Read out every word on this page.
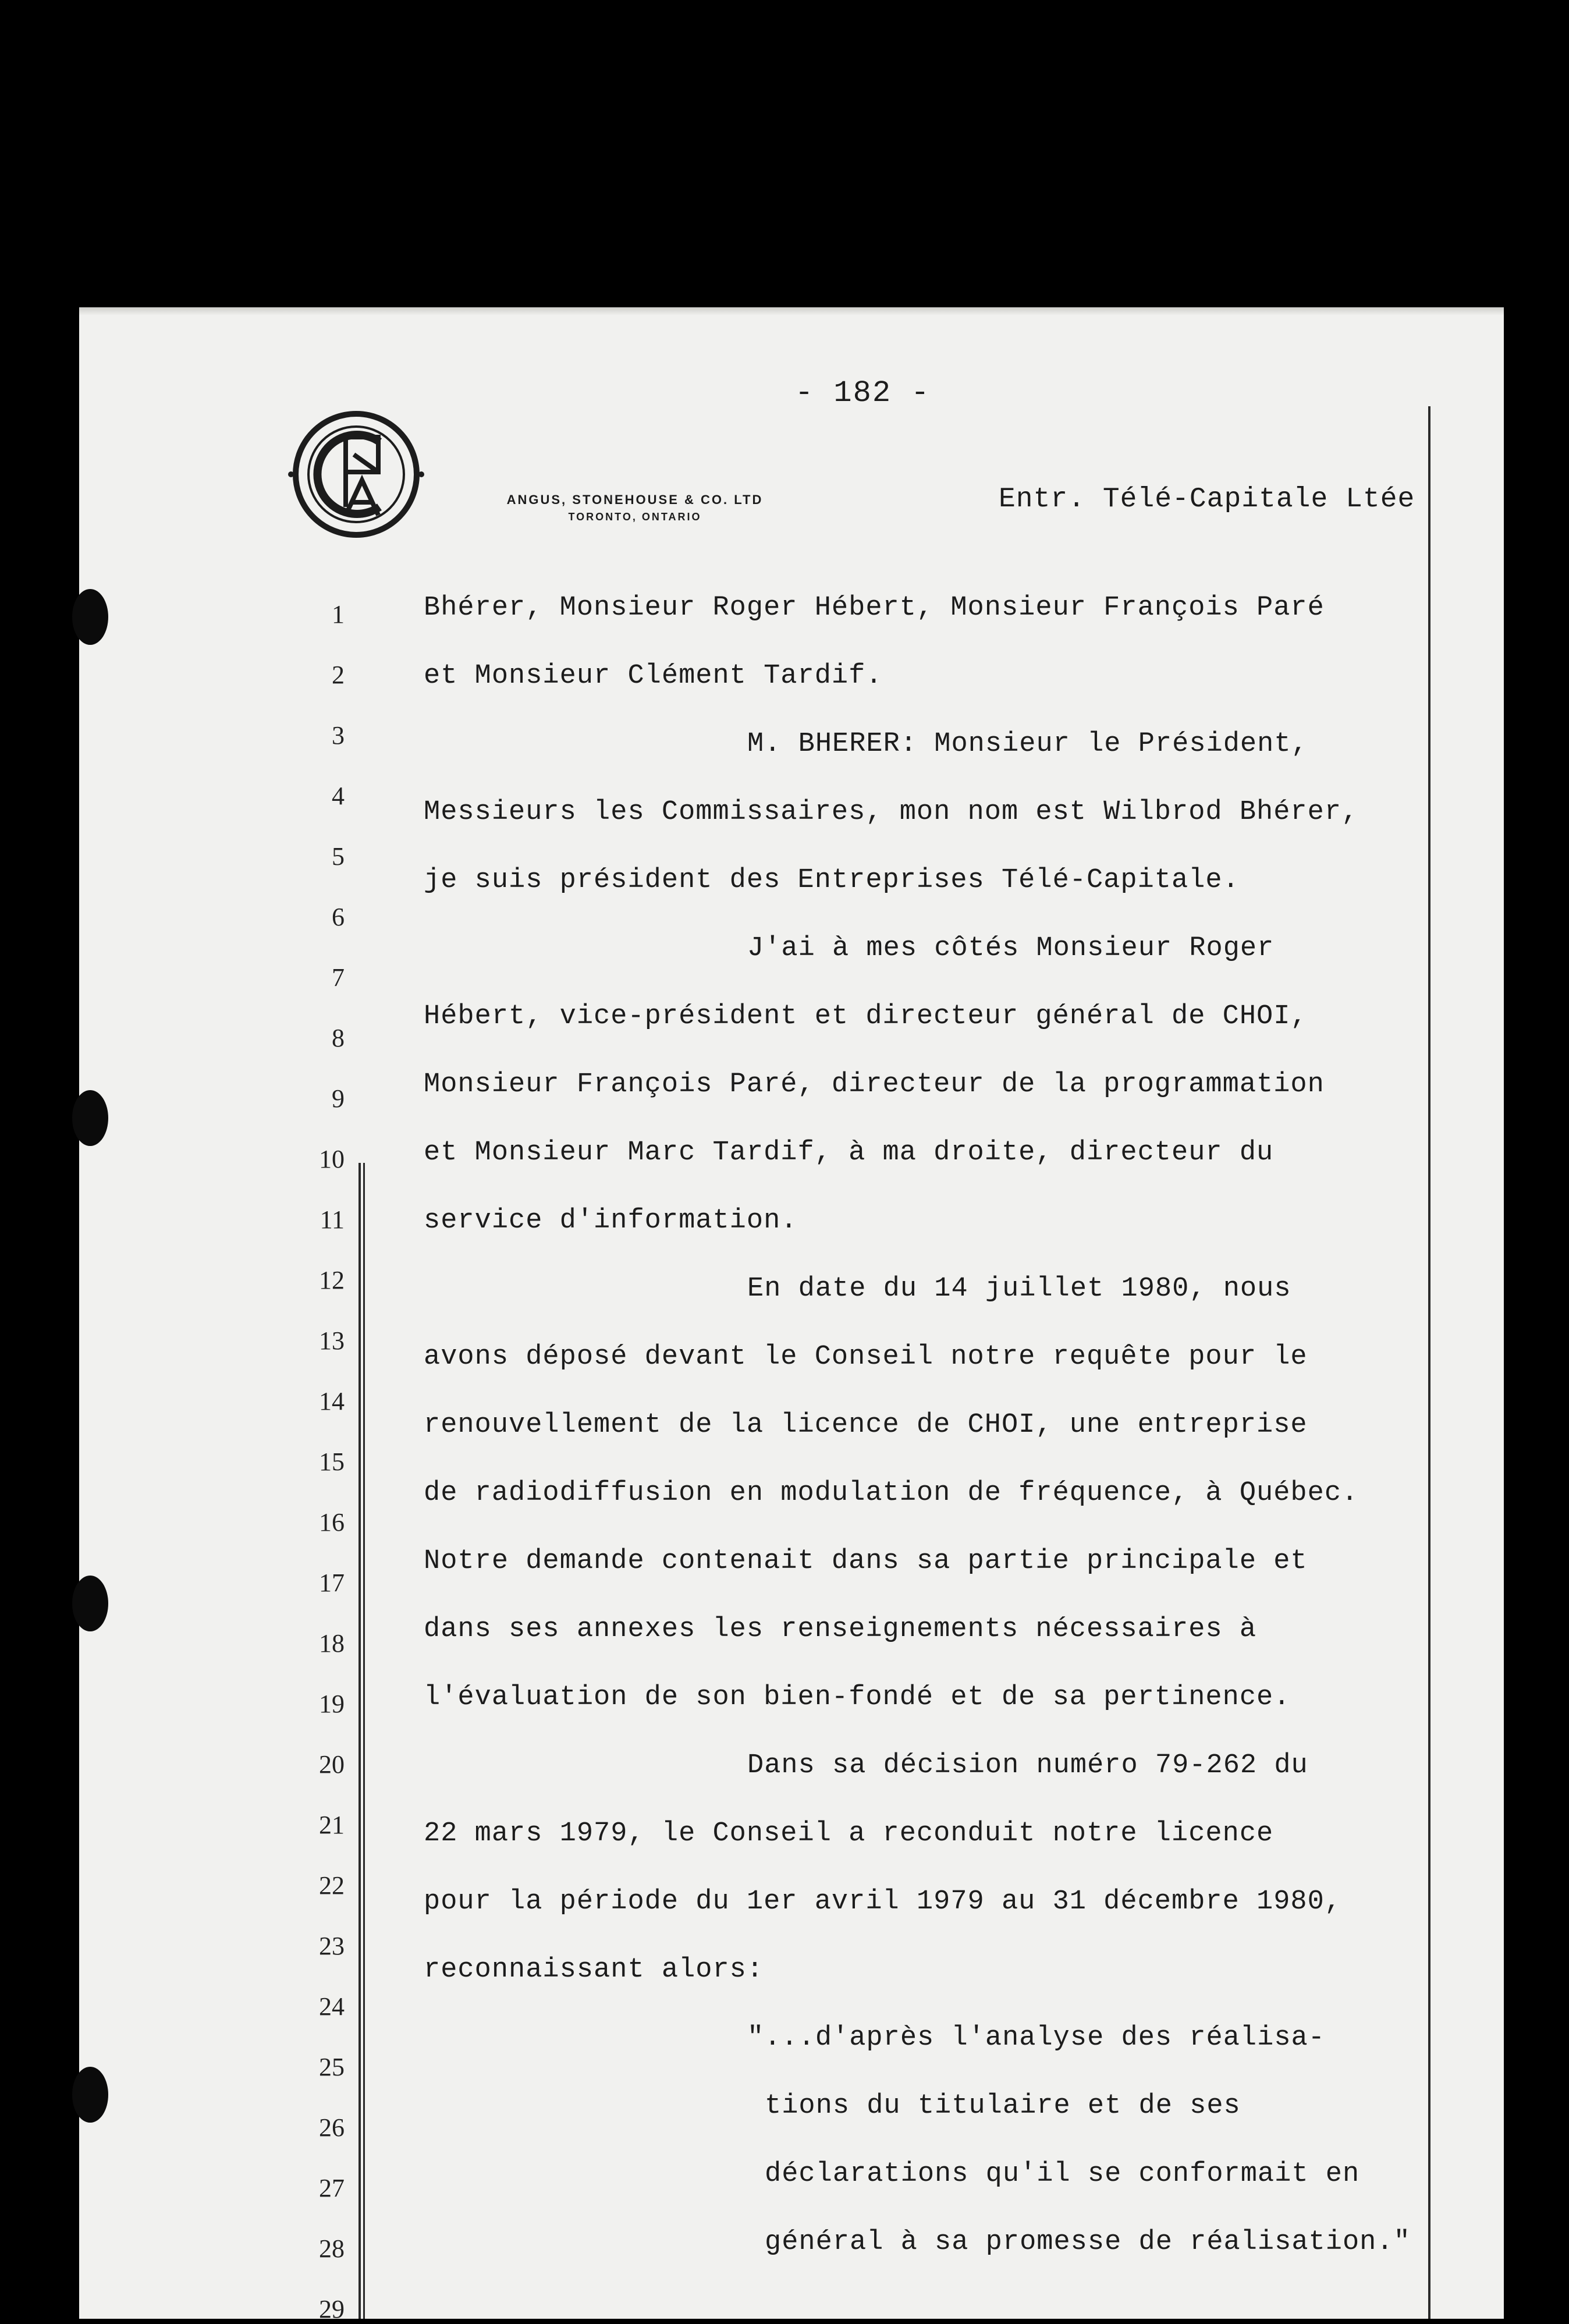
- 182 -
ANGUS, STONEHOUSE & CO. LTD
TORONTO, ONTARIO
Entr. Télé-Capitale Ltée
1
2
3
4
5
6
7
8
9
10
11
12
13
14
15
16
17
18
19
20
21
22
23
24
25
26
27
28
29
Bhérer, Monsieur Roger Hébert, Monsieur François Paré
et Monsieur Clément Tardif.
M. BHERER: Monsieur le Président,
Messieurs les Commissaires, mon nom est Wilbrod Bhérer,
je suis président des Entreprises Télé-Capitale.
J'ai à mes côtés Monsieur Roger
Hébert, vice-président et directeur général de CHOI,
Monsieur François Paré, directeur de la programmation
et Monsieur Marc Tardif, à ma droite, directeur du
service d'information.
En date du 14 juillet 1980, nous
avons déposé devant le Conseil notre requête pour le
renouvellement de la licence de CHOI, une entreprise
de radiodiffusion en modulation de fréquence, à Québec.
Notre demande contenait dans sa partie principale et
dans ses annexes les renseignements nécessaires à
l'évaluation de son bien-fondé et de sa pertinence.
Dans sa décision numéro 79-262 du
22 mars 1979, le Conseil a reconduit notre licence
pour la période du 1er avril 1979 au 31 décembre 1980,
reconnaissant alors:
"...d'après l'analyse des réalisa-
tions du titulaire et de ses
déclarations qu'il se conformait en
général à sa promesse de réalisation."
